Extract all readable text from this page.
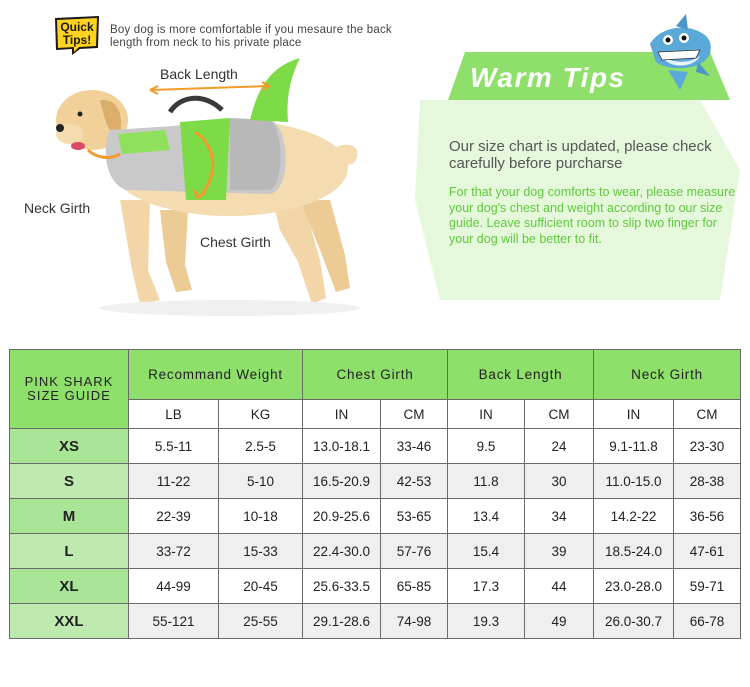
Quick
Tips!
Boy dog is more comfortable if you mesaure the back length from neck to his private place
Back Length
Neck Girth
Chest Girth
Warm Tips
Our size chart is updated, please check carefully before purcharse
For that your dog comforts to wear, please measure your dog's chest and weight according to our size guide. Leave sufficient room to slip two finger for your dog will be better to fit.
PINK SHARK SIZE GUIDE	Recommand Weight		Chest Girth		Back Length		Neck Girth	
	LB	KG	IN	CM	IN	CM	IN	CM
XS	5.5-11	2.5-5	13.0-18.1	33-46	9.5	24	9.1-11.8	23-30
S	11-22	5-10	16.5-20.9	42-53	11.8	30	11.0-15.0	28-38
M	22-39	10-18	20.9-25.6	53-65	13.4	34	14.2-22	36-56
L	33-72	15-33	22.4-30.0	57-76	15.4	39	18.5-24.0	47-61
XL	44-99	20-45	25.6-33.5	65-85	17.3	44	23.0-28.0	59-71
XXL	55-121	25-55	29.1-28.6	74-98	19.3	49	26.0-30.7	66-78
